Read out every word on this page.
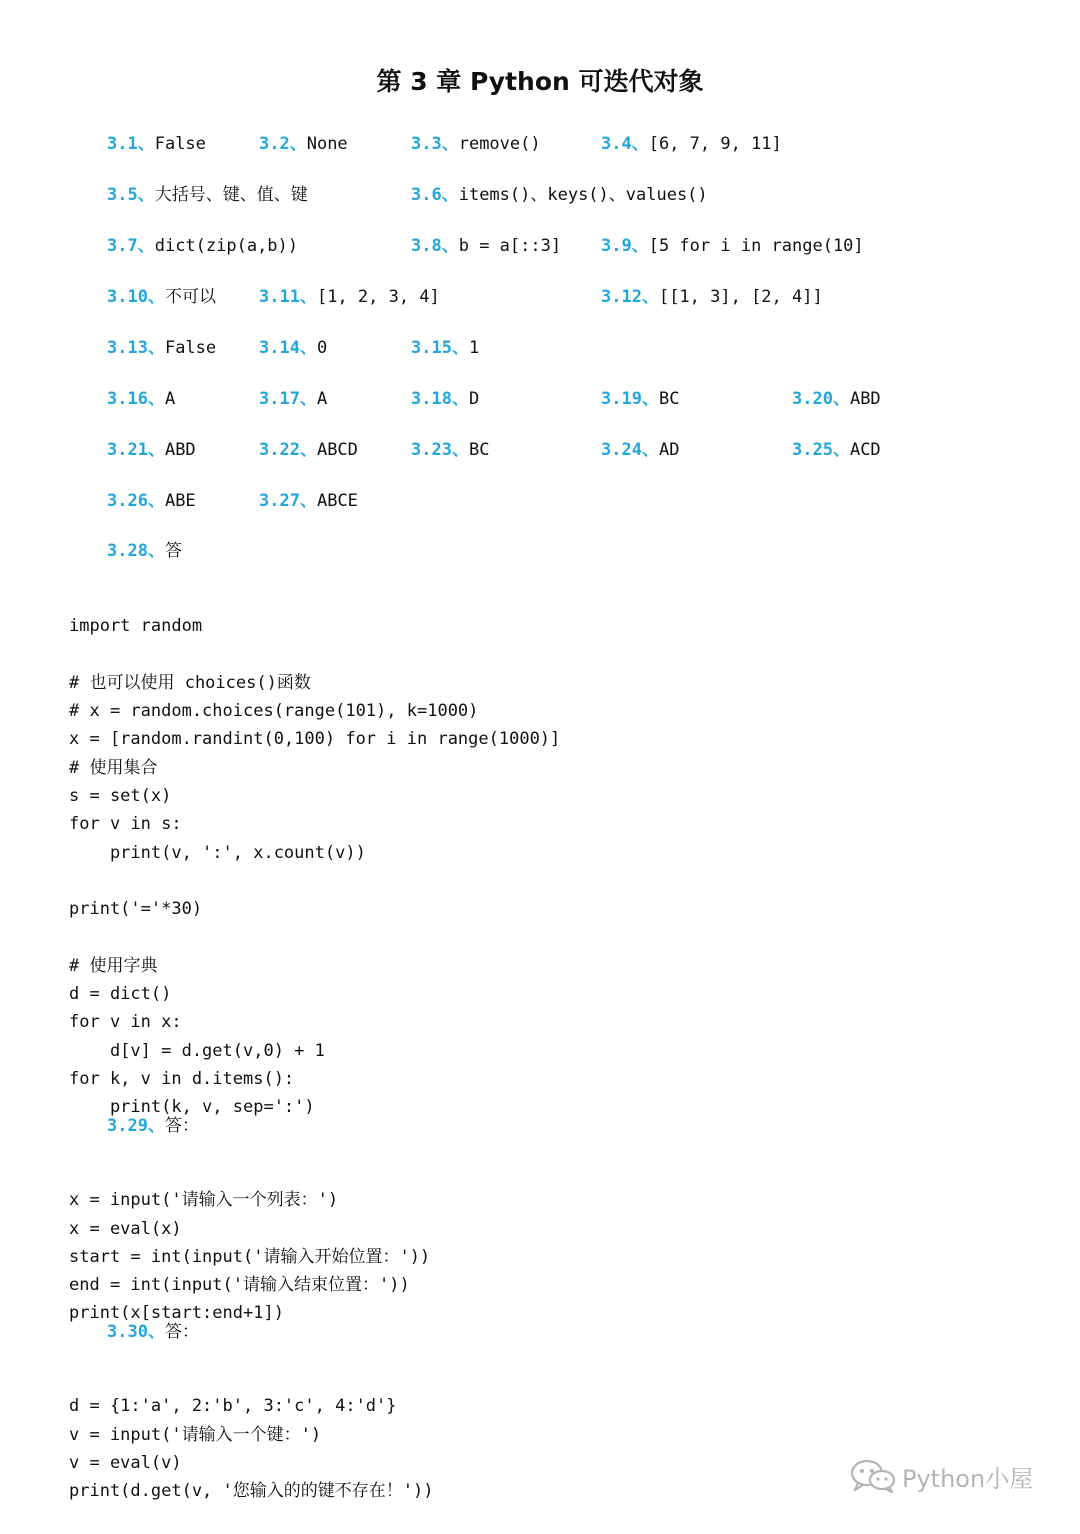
第 3 章 Python 可迭代对象
3.1、False	3.2、None	3.3、remove()	3.4、[6, 7, 9, 11]
3.5、大括号、键、值、键	3.6、items()、keys()、values()
3.7、dict(zip(a,b))	3.8、b = a[::3] 3.9、[5 for i in range(10]
3.10、不可以	3.11、[1, 2, 3, 4]	3.12、[[1, 3], [2, 4]]
3.13、False	3.14、0	3.15、1
3.16、A	3.17、A	3.18、D	3.19、BC	3.20、ABD
3.21、ABD	3.22、ABCD	3.23、BC	3.24、AD	3.25、ACD
3.26、ABE	3.27、ABCE
3.28、答

import random
# 也可以使用 choices()函数
# x = random.choices(range(101), k=1000)
x = [random.randint(0,100) for i in range(1000)]
# 使用集合
s = set(x)
for v in s:
print(v, ':', x.count(v))
print('='*30)
# 使用字典
d = dict()
for v in x:
d[v] = d.get(v,0) + 1
for k, v in d.items():
print(k, v, sep=':')

3.29、答：

x = input('请输入一个列表：')
x = eval(x)
start = int(input('请输入开始位置：'))
end = int(input('请输入结束位置：'))
print(x[start:end+1])

3.30、答：

d = {1:'a', 2:'b', 3:'c', 4:'d'}
v = input('请输入一个键：')
v = eval(v)
print(d.get(v, '您输入的的键不存在！'))	Python小屋
